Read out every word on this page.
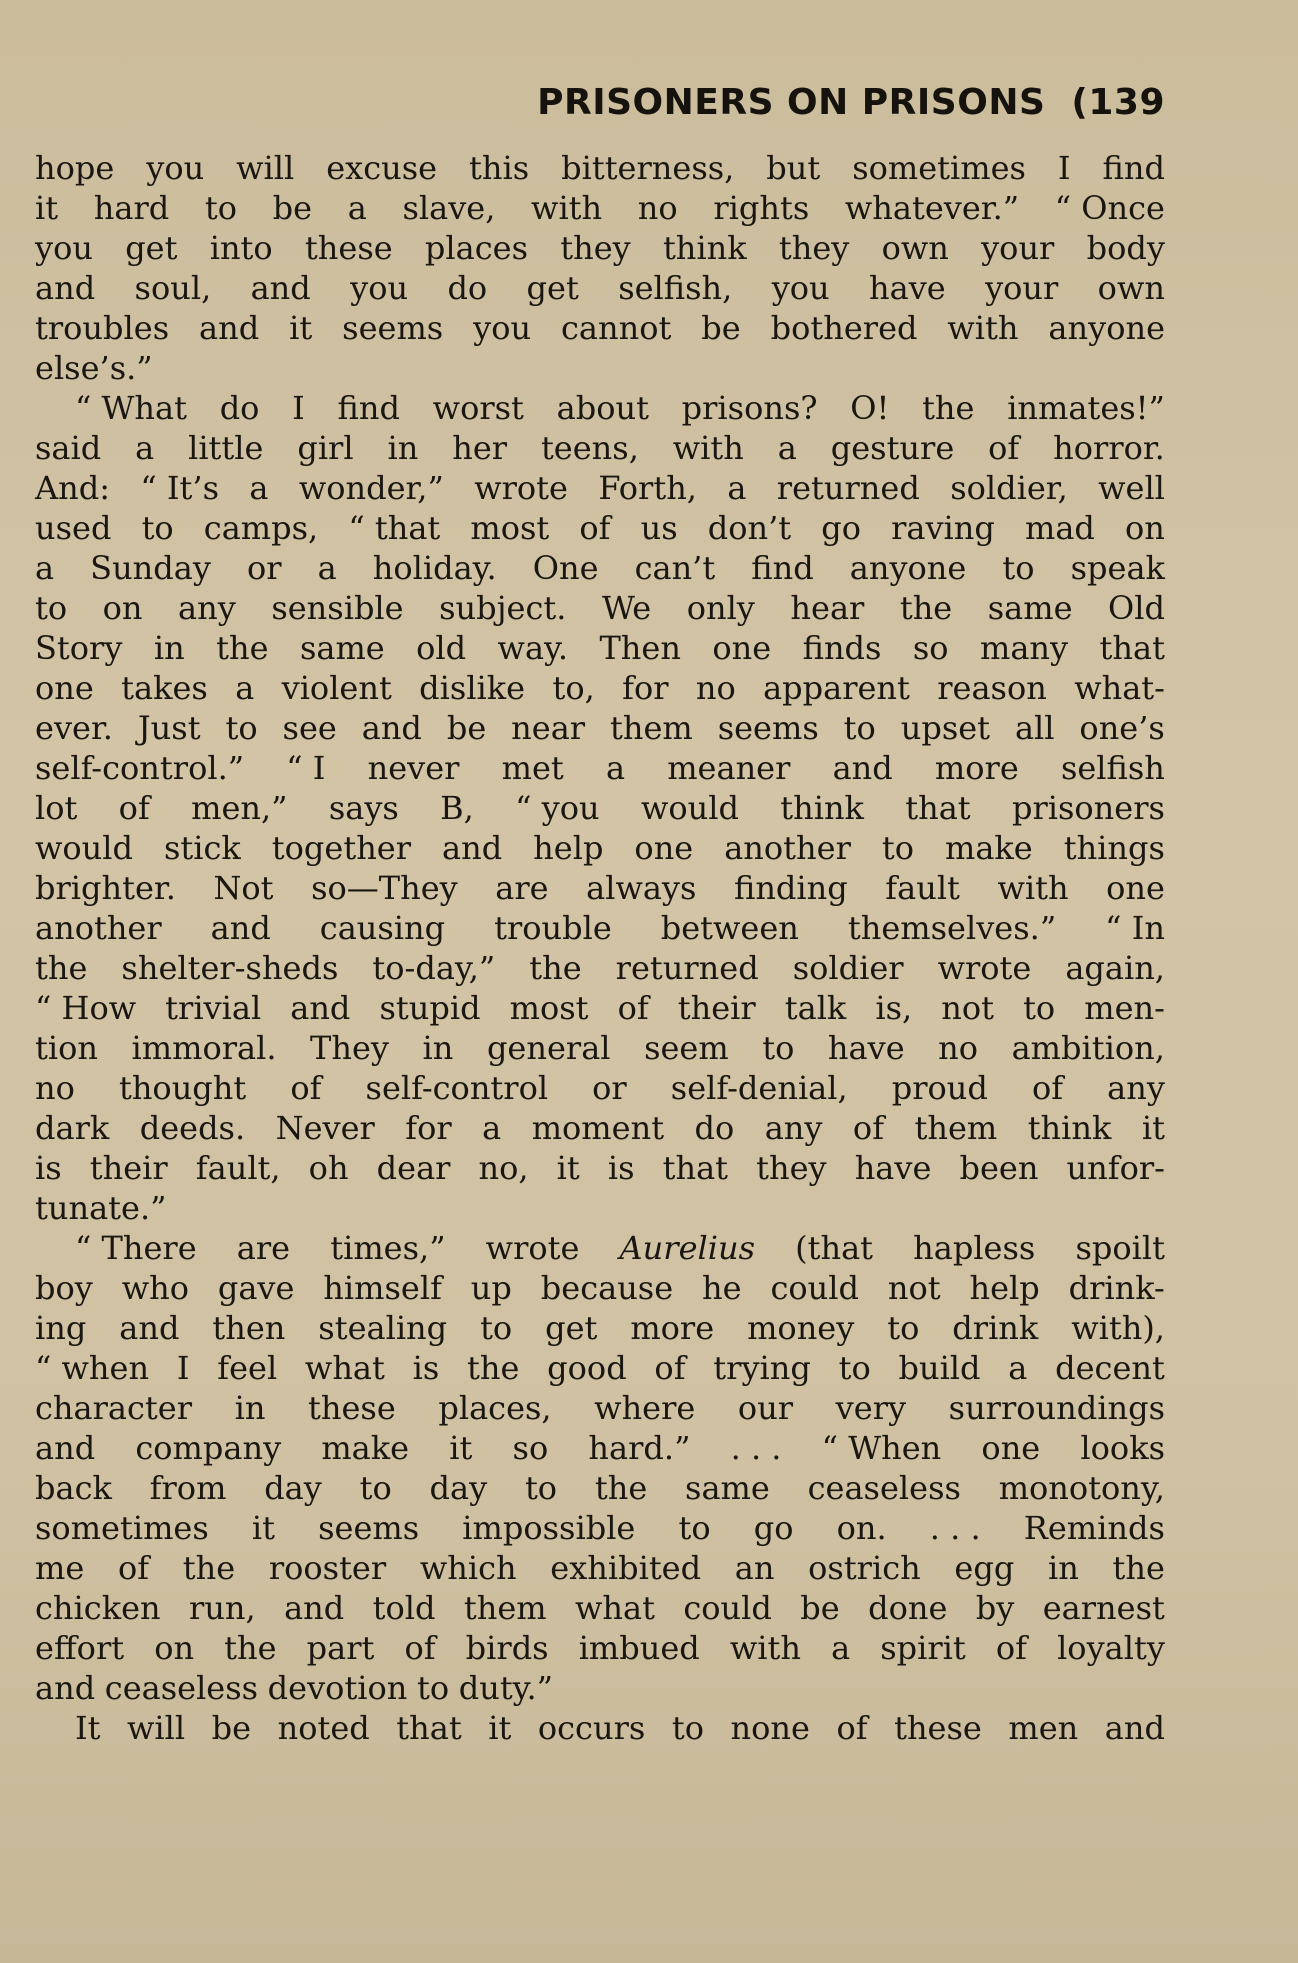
PRISONERS ON PRISONS (139
hope you will excuse this bitterness, but sometimes I find
it hard to be a slave, with no rights whatever.” “ Once
you get into these places they think they own your body
and soul, and you do get selfish, you have your own
troubles and it seems you cannot be bothered with anyone
else’s.”
“ What do I find worst about prisons? O! the inmates!”
said a little girl in her teens, with a gesture of horror.
And: “ It’s a wonder,” wrote Forth, a returned soldier, well
used to camps, “ that most of us don’t go raving mad on
a Sunday or a holiday. One can’t find anyone to speak
to on any sensible subject. We only hear the same Old
Story in the same old way. Then one finds so many that
one takes a violent dislike to, for no apparent reason what-
ever. Just to see and be near them seems to upset all one’s
self-control.” “ I never met a meaner and more selfish
lot of men,” says B, “ you would think that prisoners
would stick together and help one another to make things
brighter. Not so—They are always finding fault with one
another and causing trouble between themselves.” “ In
the shelter-sheds to-day,” the returned soldier wrote again,
“ How trivial and stupid most of their talk is, not to men-
tion immoral. They in general seem to have no ambition,
no thought of self-control or self-denial, proud of any
dark deeds. Never for a moment do any of them think it
is their fault, oh dear no, it is that they have been unfor-
tunate.”
“ There are times,” wrote Aurelius (that hapless spoilt
boy who gave himself up because he could not help drink-
ing and then stealing to get more money to drink with),
“ when I feel what is the good of trying to build a decent
character in these places, where our very surroundings
and company make it so hard.” . . . “ When one looks
back from day to day to the same ceaseless monotony,
sometimes it seems impossible to go on. . . . Reminds
me of the rooster which exhibited an ostrich egg in the
chicken run, and told them what could be done by earnest
effort on the part of birds imbued with a spirit of loyalty
and ceaseless devotion to duty.”
It will be noted that it occurs to none of these men and
